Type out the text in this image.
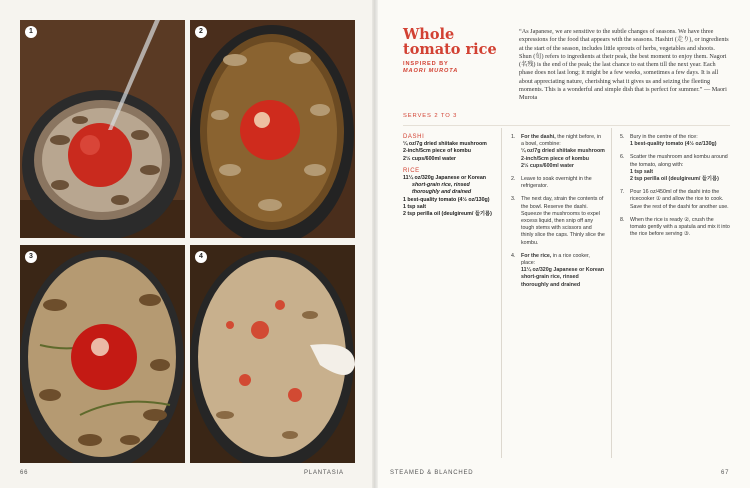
1	2
3	4
66	PLANTASIA	STEAMED & BLANCHED	67
Whole
tomato rice
INSPIRED BY
MAORI MUROTA
“As Japanese, we are sensitive to the subtle changes of seasons. We have three expressions for the food that appears with the seasons. Hashiri (走り), or ingredients at the start of the season, includes little sprouts of herbs, vegetables and shoots. Shun (旬) refers to ingredients at their peak, the best moment to enjoy them. Nagori (名残) is the end of the peak; the last chance to eat them till the next year. Each phase does not last long; it might be a few weeks, sometimes a few days. It is all about appreciating nature, cherishing what it gives us and seizing the fleeting moments. This is a wonderful and simple dish that is perfect for summer.” — Maori Murota
SERVES 2 TO 3
DASHI
¼ oz/7g dried shiitake mushroom
2-inch/5cm piece of kombu
2½ cups/600ml water
RICE
11¼ oz/320g Japanese or Korean
short-grain rice, rinsed
thoroughly and drained
1 best-quality tomato (4½ oz/130g)
1 tsp salt
2 tsp perilla oil (deulgireum/ 들기름)
1. For the dashi, the night before, in a bowl, combine:
¼ oz/7g dried shiitake mushroom
2-inch/5cm piece of kombu
2½ cups/600ml water
2. Leave to soak overnight in the refrigerator.
3. The next day, strain the contents of the bowl. Reserve the dashi. Squeeze the mushrooms to expel excess liquid, then snip off any tough stems with scissors and thinly slice the caps. Thinly slice the kombu.
4. For the rice, in a rice cooker, place:
11¼ oz/320g Japanese or Korean short-grain rice, rinsed thoroughly and drained
5. Bury in the centre of the rice:
1 best-quality tomato (4½ oz/130g)
6. Scatter the mushroom and kombu around the tomato, along with:
1 tsp salt
2 tsp perilla oil (deulgireum/ 들기름)
7. Pour 16 oz/450ml of the dashi into the ricecooker ① and allow the rice to cook. Save the rest of the dashi for another use.
8. When the rice is ready ②, crush the tomato gently with a spatula and mix it into the rice before serving ③.
